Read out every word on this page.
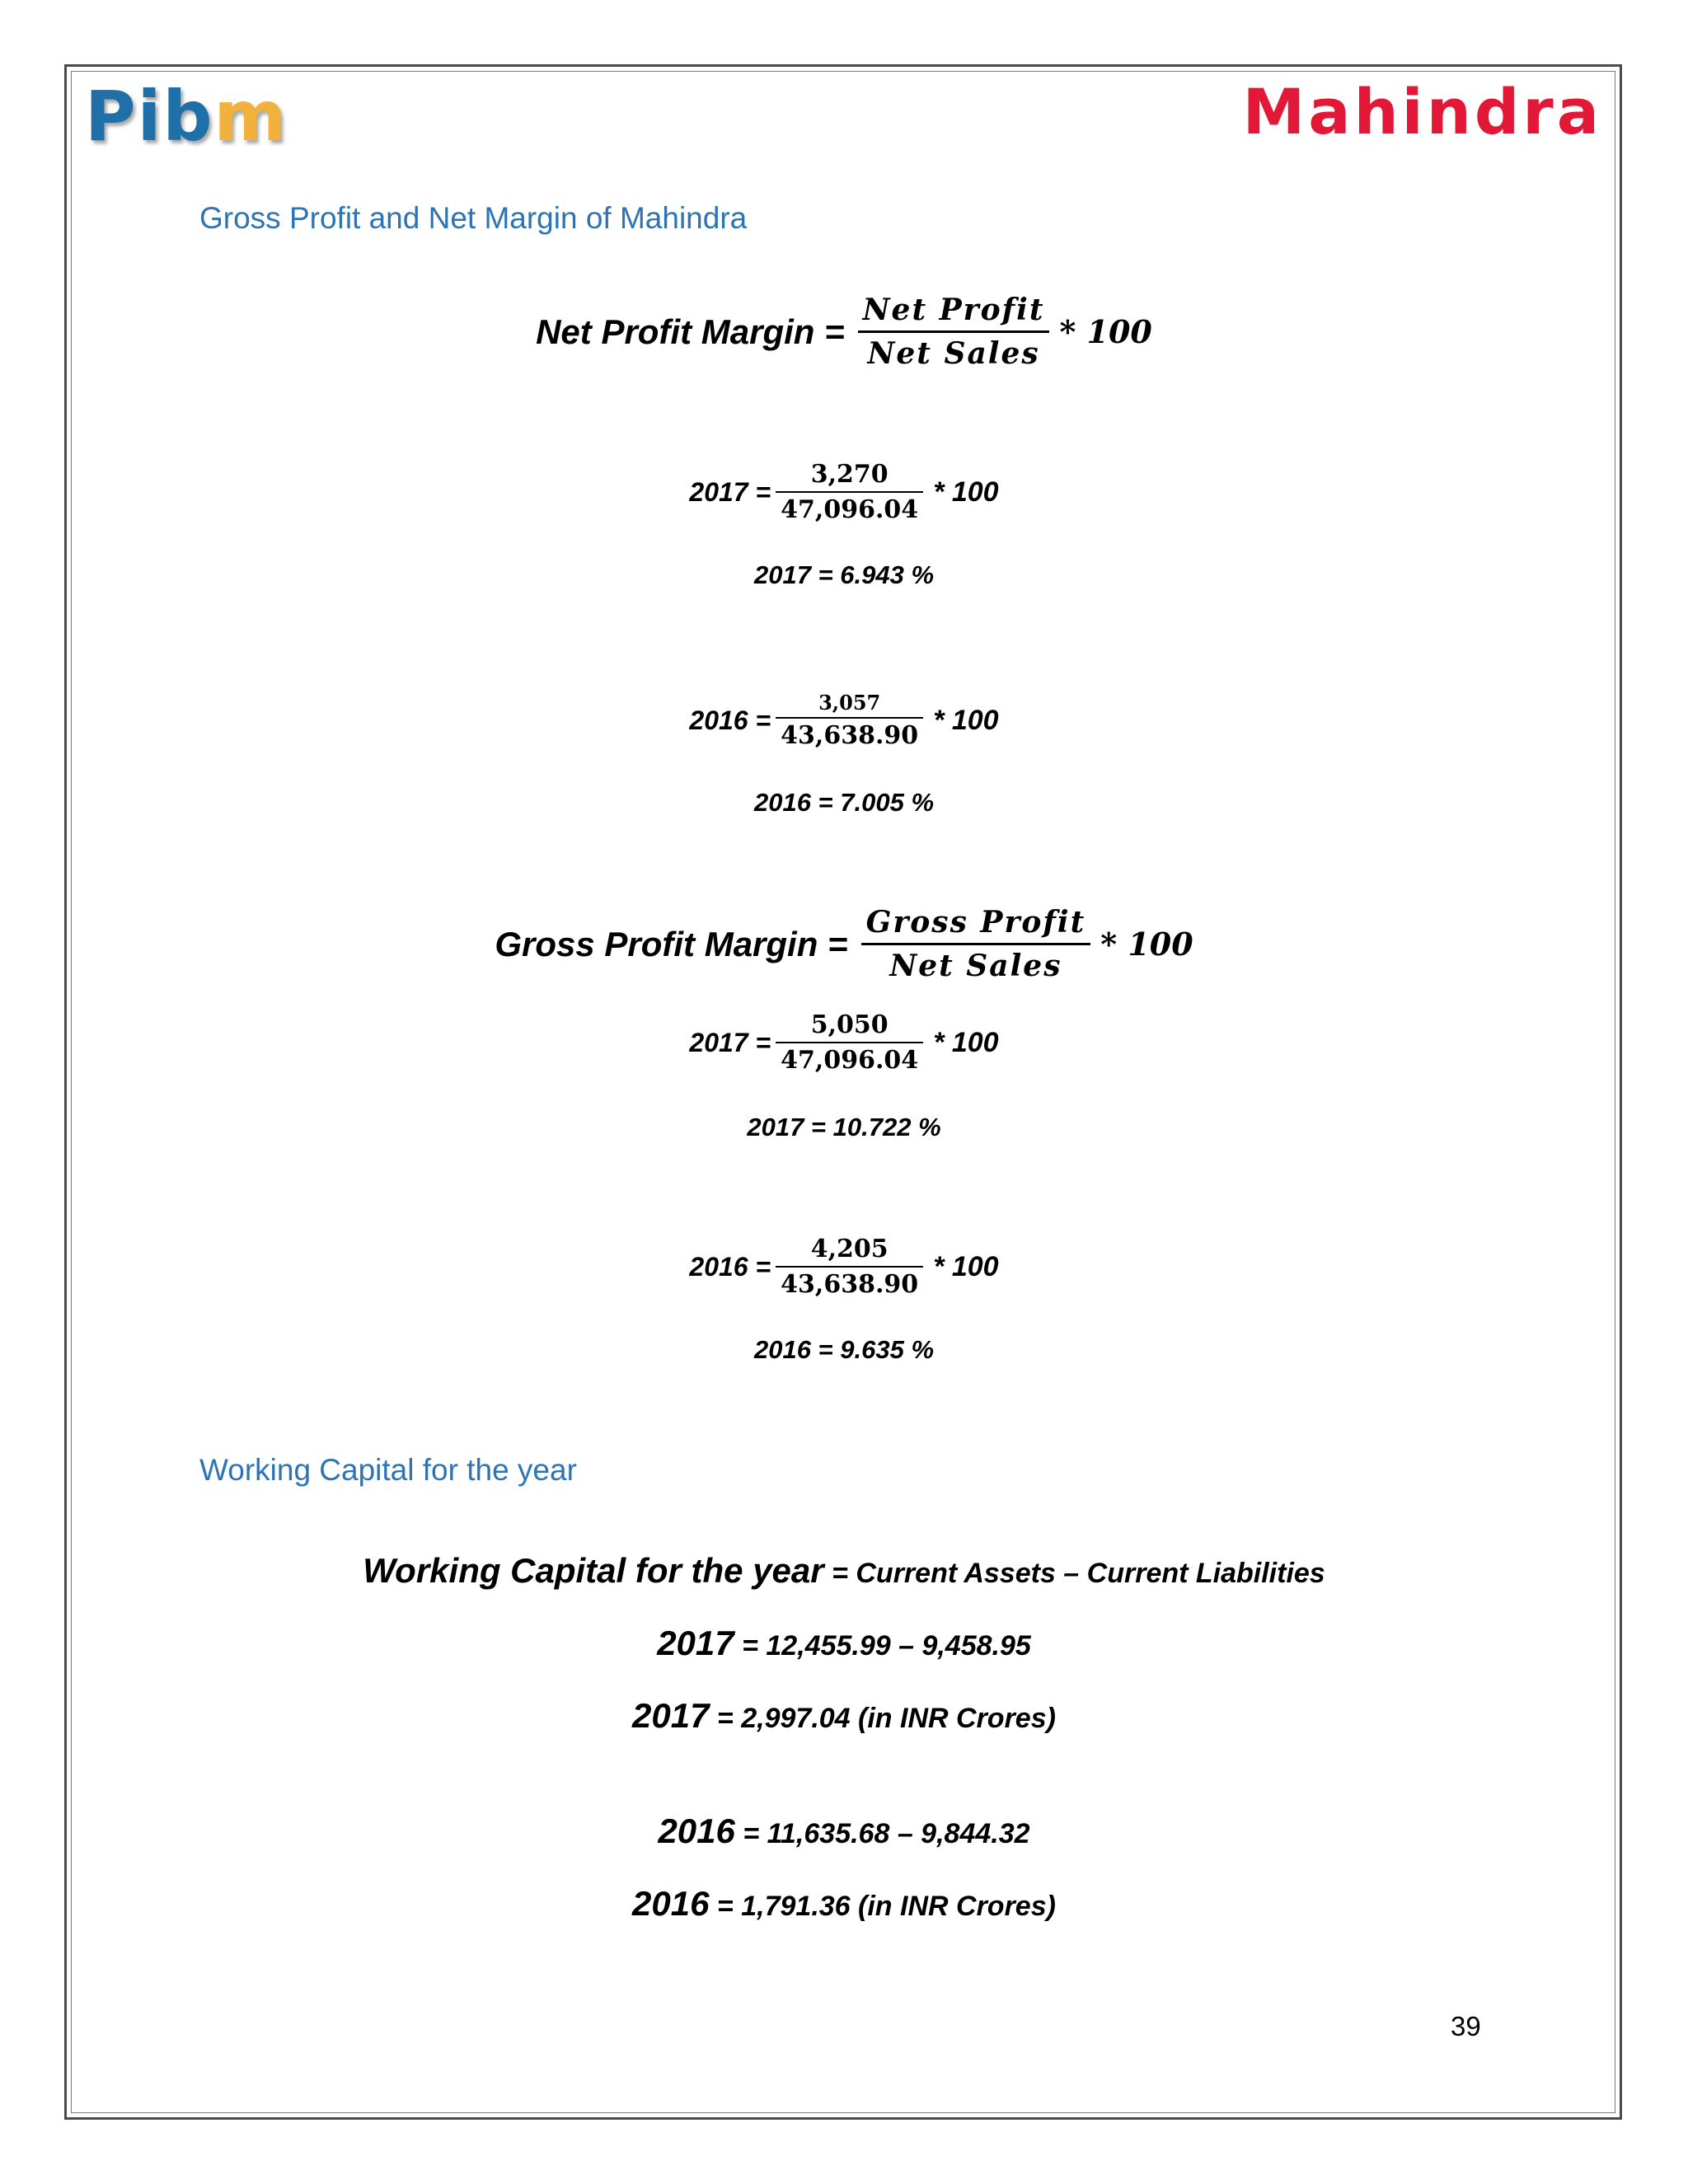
Pibm	Mahindra
Gross Profit and Net Margin of Mahindra
Net Profit Margin = $\frac{\text{Net Profit}}{\text{Net Sales}} * 100$
$2017 = \frac{3,270}{47,096.04} * 100$
2017 = 6.943 %
$2016 = \frac{3,057}{43,638.90} * 100$
2016 = 7.005 %
Gross Profit Margin = $\frac{\text{Gross Profit}}{\text{Net Sales}} * 100$
$2017 = \frac{5,050}{47,096.04} * 100$
2017 = 10.722 %
$2016 = \frac{4,205}{43,638.90} * 100$
2016 = 9.635 %
Working Capital for the year
Working Capital for the year = Current Assets – Current Liabilities
2017 = 12,455.99 – 9,458.95
2017 = 2,997.04 (in INR Crores)
2016 = 11,635.68 – 9,844.32
2016 = 1,791.36 (in INR Crores)
39
